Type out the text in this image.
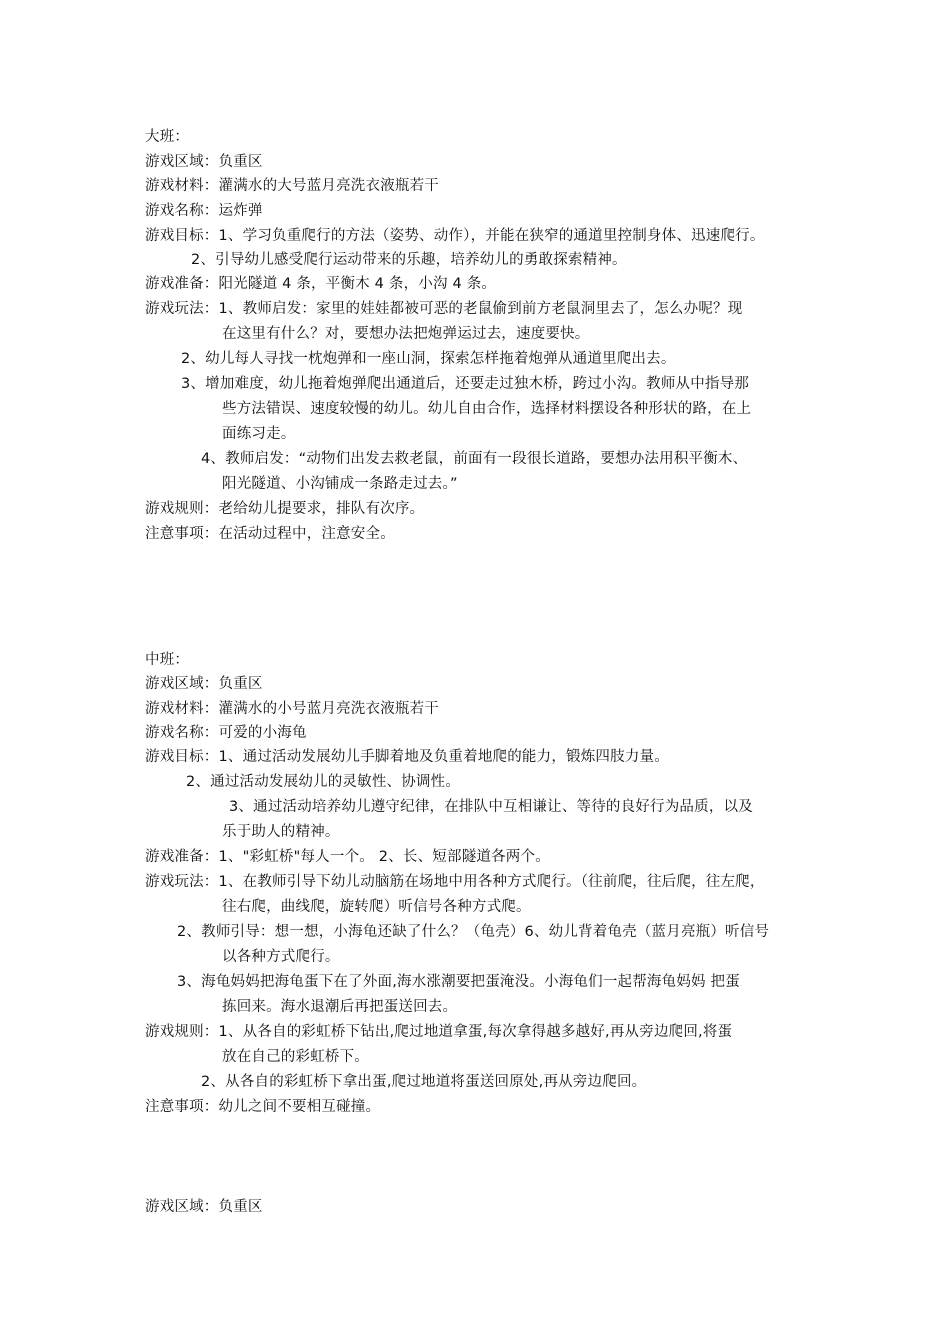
大班：
游戏区域：负重区
游戏材料：灌满水的大号蓝月亮洗衣液瓶若干
游戏名称：运炸弹
游戏目标：1、学习负重爬行的方法（姿势、动作），并能在狭窄的通道里控制身体、迅速爬行。
2、引导幼儿感受爬行运动带来的乐趣，培养幼儿的勇敢探索精神。
游戏准备：阳光隧道 4 条，平衡木 4 条，小沟 4 条。
游戏玩法：1、教师启发：家里的娃娃都被可恶的老鼠偷到前方老鼠洞里去了，怎么办呢？现
在这里有什么？对，要想办法把炮弹运过去，速度要快。
2、幼儿每人寻找一枕炮弹和一座山洞，探索怎样拖着炮弹从通道里爬出去。
3、增加难度，幼儿拖着炮弹爬出通道后，还要走过独木桥，跨过小沟。教师从中指导那
些方法错误、速度较慢的幼儿。幼儿自由合作，选择材料摆设各种形状的路，在上
面练习走。
4、教师启发：“动物们出发去救老鼠，前面有一段很长道路，要想办法用积平衡木、
阳光隧道、小沟铺成一条路走过去。”
游戏规则：老给幼儿提要求，排队有次序。
注意事项：在活动过程中，注意安全。
中班：
游戏区域：负重区
游戏材料：灌满水的小号蓝月亮洗衣液瓶若干
游戏名称：可爱的小海龟
游戏目标：1、通过活动发展幼儿手脚着地及负重着地爬的能力，锻炼四肢力量。
2、通过活动发展幼儿的灵敏性、协调性。
3、通过活动培养幼儿遵守纪律，在排队中互相谦让、等待的良好行为品质，以及
乐于助人的精神。
游戏准备：1、"彩虹桥"每人一个。 2、长、短部隧道各两个。
游戏玩法：1、在教师引导下幼儿动脑筋在场地中用各种方式爬行。（往前爬，往后爬，往左爬，
往右爬，曲线爬，旋转爬）听信号各种方式爬。
2、教师引导：想一想，小海龟还缺了什么？（龟壳）6、幼儿背着龟壳（蓝月亮瓶）听信号
以各种方式爬行。
3、海龟妈妈把海龟蛋下在了外面,海水涨潮要把蛋淹没。小海龟们一起帮海龟妈妈 把蛋
拣回来。海水退潮后再把蛋送回去。
游戏规则：1、从各自的彩虹桥下钻出,爬过地道拿蛋,每次拿得越多越好,再从旁边爬回,将蛋
放在自己的彩虹桥下。
2、从各自的彩虹桥下拿出蛋,爬过地道将蛋送回原处,再从旁边爬回。
注意事项：幼儿之间不要相互碰撞。
游戏区域：负重区
